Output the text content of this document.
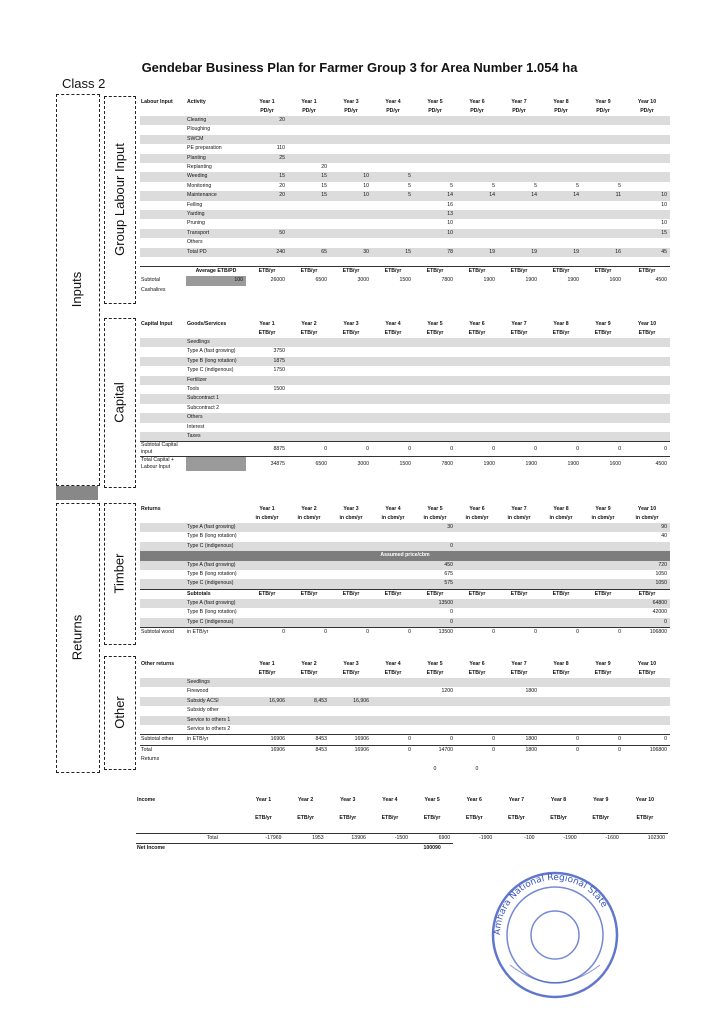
Gendebar Business Plan for Farmer Group 3 for Area Number 1.054 ha
Class 2
Inputs
Returns
Group Labour Input
Capital
Timber
Other
Labour Input	Activity	Year 1	Year 1	Year 3	Year 4	Year 5	Year 6	Year 7	Year 8	Year 9	Year 10
		PD/yr	PD/yr	PD/yr	PD/yr	PD/yr	PD/yr	PD/yr	PD/yr	PD/yr	PD/yr
	Clearing	20									
	Ploughing										
	SWCM										
	PE preparation	110									
	Planting	25									
	Replanting		20								
	Weeding	15	15	10	5						
	Monitoring	20	15	10	5	5	5	5	5	5	
	Maintenance	20	15	10	5	14	14	14	14	11	10
	Felling					16					10
	Yarding					13					
	Pruning					10					10
	Transport	50				10					15
	Others										
	Total PD	240	65	30	15	78	19	19	19	16	45

	Average ETB/PD	ETB/yr	ETB/yr	ETB/yr	ETB/yr	ETB/yr	ETB/yr	ETB/yr	ETB/yr	ETB/yr	ETB/yr
Subtotal	100	26000	6500	3000	1500	7800	1900	1900	1900	1600	4500
Cashalires											
Capital Input	Goods/Services	Year 1	Year 2	Year 3	Year 4	Year 5	Year 6	Year 7	Year 8	Year 9	Year 10
		ETB/yr	ETB/yr	ETB/yr	ETB/yr	ETB/yr	ETB/yr	ETB/yr	ETB/yr	ETB/yr	ETB/yr
	Seedlings										
	Type A (fast growing)	3750									
	Type B (long rotation)	1875									
	Type C (indigenous)	1750									
	Fertilizer										
	Tools	1500									
	Subcontract 1										
	Subcontract 2										
	Others										
	Interest										
	Taxes										
Subtotal Capital input		8875	0	0	0	0	0	0	0	0	0
Total Capital + Labour Input		34875	6500	3000	1500	7800	1900	1900	1900	1600	4500
Returns		Year 1	Year 2	Year 3	Year 4	Year 5	Year 6	Year 7	Year 8	Year 9	Year 10
		in cbm/yr	in cbm/yr	in cbm/yr	in cbm/yr	in cbm/yr	in cbm/yr	in cbm/yr	in cbm/yr	in cbm/yr	in cbm/yr
	Type A (fast growing)					30					90
	Type B (long rotation)										40
	Type C (indigenous)					0					
Assumed price/cbm											
	Type A (fast growing)					450					720
	Type B (long rotation)					675					1050
	Type C (indigenous)					575					1050
	Subtotals	ETB/yr	ETB/yr	ETB/yr	ETB/yr	ETB/yr	ETB/yr	ETB/yr	ETB/yr	ETB/yr	ETB/yr
	Type A (fast growing)					13500					64800
	Type B (long rotation)					0					42000
	Type C (indigenous)					0					0
Subtotal wood	in ETB/yr	0	0	0	0	13500	0	0	0	0	106800
Other returns		Year 1	Year 2	Year 3	Year 4	Year 5	Year 6	Year 7	Year 8	Year 9	Year 10
		ETB/yr	ETB/yr	ETB/yr	ETB/yr	ETB/yr	ETB/yr	ETB/yr	ETB/yr	ETB/yr	ETB/yr
	Seedlings										
	Firewood					1200		1800			
	Subsidy ACSI	16,906	8,453	16,906							
	Subsidy other										
	Service to others 1										
	Service to others 2										
Subtotal other	in ETB/yr	16906	8453	16906	0	0	0	1800	0	0	0
Total		16906	8453	16906	0	14700	0	1800	0	0	106800
Returns											
						0	0				
Income		Year 1	Year 2	Year 3	Year 4	Year 5	Year 6	Year 7	Year 8	Year 9	Year 10

		ETB/yr	ETB/yr	ETB/yr	ETB/yr	ETB/yr	ETB/yr	ETB/yr	ETB/yr	ETB/yr	ETB/yr

	Total	-17969	1953	13906	-1500	6900	-1900	-100	-1900	-1600	102300
Net Income						100090					
Amhara National Regional State
